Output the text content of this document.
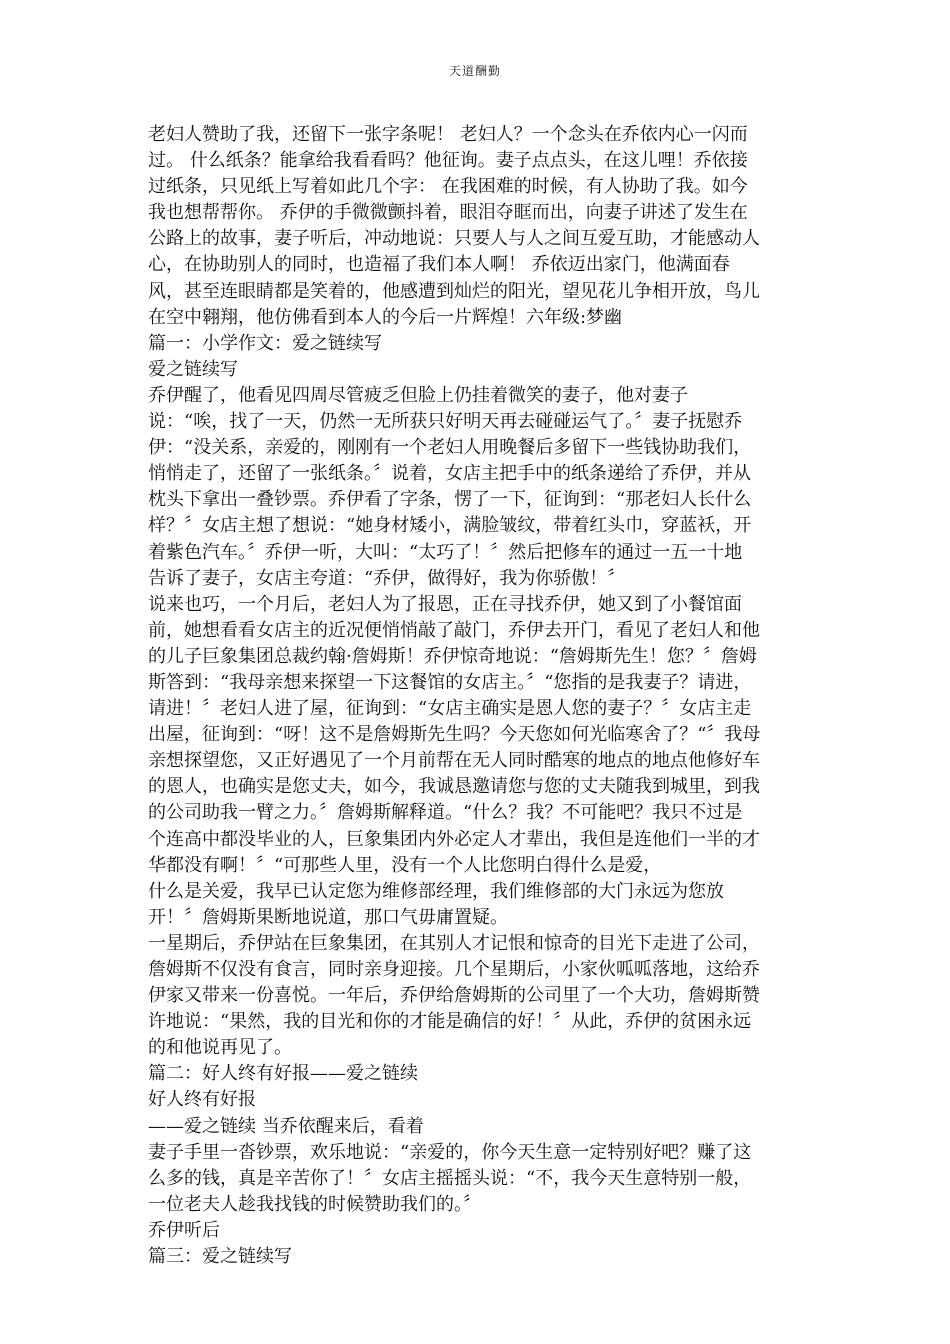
天道酬勤
老妇人赞助了我，还留下一张字条呢！ 老妇人？一个念头在乔依内心一闪而
过。 什么纸条？能拿给我看看吗？他征询。妻子点点头，在这儿哩！乔依接
过纸条，只见纸上写着如此几个字： 在我困难的时候，有人协助了我。如今
我也想帮帮你。 乔伊的手微微颤抖着，眼泪夺眶而出，向妻子讲述了发生在
公路上的故事，妻子听后，冲动地说：只要人与人之间互爱互助，才能感动人
心，在协助别人的同时，也造福了我们本人啊！ 乔依迈出家门，他满面春
风，甚至连眼睛都是笑着的，他感遭到灿烂的阳光，望见花儿争相开放，鸟儿
在空中翱翔，他仿佛看到本人的今后一片辉煌！六年级:梦幽
篇一：小学作文：爱之链续写
爱之链续写
乔伊醒了，他看见四周尽管疲乏但脸上仍挂着微笑的妻子，他对妻子
说：“唉，找了一天，仍然一无所获只好明天再去碰碰运气了。〞妻子抚慰乔
伊：“没关系，亲爱的，刚刚有一个老妇人用晚餐后多留下一些钱协助我们，
悄悄走了，还留了一张纸条。〞说着，女店主把手中的纸条递给了乔伊，并从
枕头下拿出一叠钞票。乔伊看了字条，愣了一下，征询到：“那老妇人长什么
样？〞女店主想了想说：“她身材矮小，满脸皱纹，带着红头巾，穿蓝袄，开
着紫色汽车。〞乔伊一听，大叫：“太巧了！〞然后把修车的通过一五一十地
告诉了妻子，女店主夸道：“乔伊，做得好，我为你骄傲！〞
说来也巧，一个月后，老妇人为了报恩，正在寻找乔伊，她又到了小餐馆面
前，她想看看女店主的近况便悄悄敲了敲门，乔伊去开门，看见了老妇人和他
的儿子巨象集团总裁约翰·詹姆斯！乔伊惊奇地说：“詹姆斯先生！您？〞詹姆
斯答到：“我母亲想来探望一下这餐馆的女店主。〞“您指的是我妻子？请进，
请进！〞老妇人进了屋，征询到：“女店主确实是恩人您的妻子？〞女店主走
出屋，征询到：“呀！这不是詹姆斯先生吗？今天您如何光临寒舍了？“〞我母
亲想探望您，又正好遇见了一个月前帮在无人同时酷寒的地点的地点他修好车
的恩人，也确实是您丈夫，如今，我诚恳邀请您与您的丈夫随我到城里，到我
的公司助我一臂之力。〞詹姆斯解释道。“什么？我？不可能吧？我只不过是
个连高中都没毕业的人，巨象集团内外必定人才辈出，我但是连他们一半的才
华都没有啊！〞“可那些人里，没有一个人比您明白得什么是爱，
什么是关爱，我早已认定您为维修部经理，我们维修部的大门永远为您放
开！〞詹姆斯果断地说道，那口气毋庸置疑。
一星期后，乔伊站在巨象集团，在其别人才记恨和惊奇的目光下走进了公司，
詹姆斯不仅没有食言，同时亲身迎接。几个星期后，小家伙呱呱落地，这给乔
伊家又带来一份喜悦。一年后，乔伊给詹姆斯的公司里了一个大功，詹姆斯赞
许地说：“果然，我的目光和你的才能是确信的好！〞从此，乔伊的贫困永远
的和他说再见了。
篇二：好人终有好报——爱之链续
好人终有好报
——爱之链续 当乔依醒来后，看着
妻子手里一沓钞票，欢乐地说：“亲爱的，你今天生意一定特别好吧？赚了这
么多的钱，真是辛苦你了！〞女店主摇摇头说：“不，我今天生意特别一般，
一位老夫人趁我找钱的时候赞助我们的。〞
乔伊听后
篇三：爱之链续写
